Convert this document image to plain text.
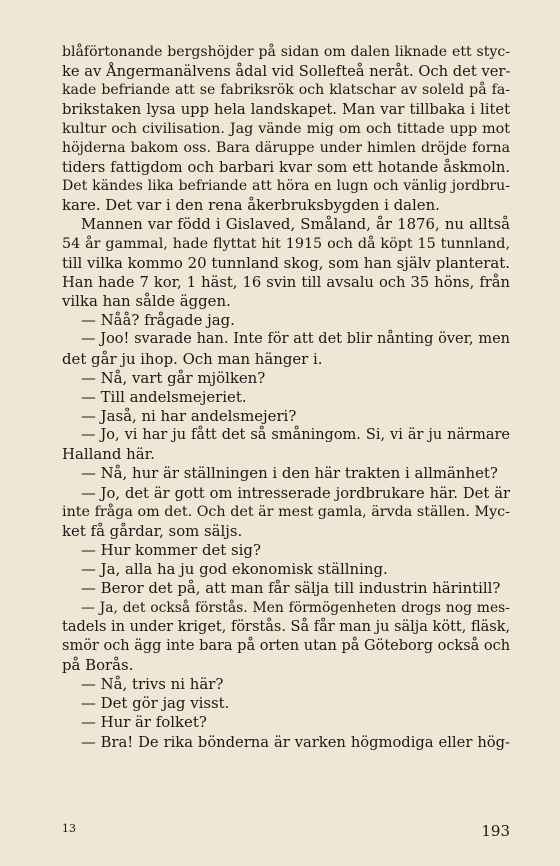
blåförtonande bergshöjder på sidan om dalen liknade ett styc-

ke av Ångermanälvens ådal vid Sollefteå neråt. Och det ver-

kade befriande att se fabriksrök och klatschar av soleld på fa-

brikstaken lysa upp hela landskapet. Man var tillbaka i litet

kultur och civilisation. Jag vände mig om och tittade upp mot

höjderna bakom oss. Bara däruppe under himlen dröjde forna

tiders fattigdom och barbari kvar som ett hotande åskmoln.

Det kändes lika befriande att höra en lugn och vänlig jordbru-

kare. Det var i den rena åkerbruksbygden i dalen.

Mannen var född i Gislaved, Småland, år 1876, nu alltså

54 år gammal, hade flyttat hit 1915 och då köpt 15 tunnland,

till vilka kommo 20 tunnland skog, som han själv planterat.

Han hade 7 kor, 1 häst, 16 svin till avsalu och 35 höns, från

vilka han sålde äggen.

— Nåå? frågade jag.

— Joo! svarade han. Inte för att det blir nånting över, men

det går ju ihop. Och man hänger i.

— Nå, vart går mjölken?

— Till andelsmejeriet.

— Jaså, ni har andelsmejeri?

— Jo, vi har ju fått det så småningom. Si, vi är ju närmare

Halland här.

— Nå, hur är ställningen i den här trakten i allmänhet?

— Jo, det är gott om intresserade jordbrukare här. Det är

inte fråga om det. Och det är mest gamla, ärvda ställen. Myc-

ket få gårdar, som säljs.

— Hur kommer det sig?

— Ja, alla ha ju god ekonomisk ställning.

— Beror det på, att man får sälja till industrin härintill?

— Ja, det också förstås. Men förmögenheten drogs nog mes-

tadels in under kriget, förstås. Så får man ju sälja kött, fläsk,

smör och ägg inte bara på orten utan på Göteborg också och

på Borås.

— Nå, trivs ni här?

— Det gör jag visst.

— Hur är folket?

— Bra! De rika bönderna är varken högmodiga eller hög-

13	193
